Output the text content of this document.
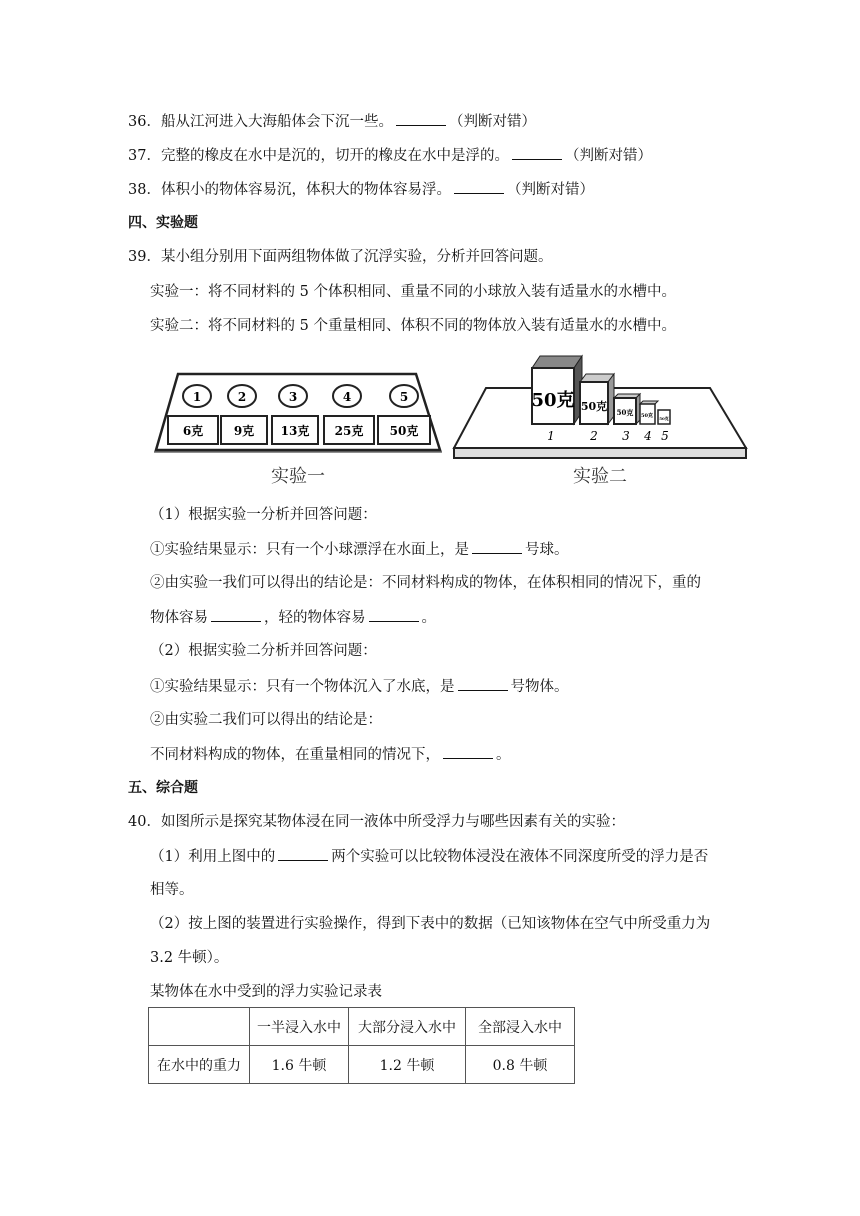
36．船从江河进入大海船体会下沉一些。	（判断对错）
37．完整的橡皮在水中是沉的，切开的橡皮在水中是浮的。	（判断对错）
38．体积小的物体容易沉，体积大的物体容易浮。	（判断对错）
四、实验题
39．某小组分别用下面两组物体做了沉浮实验，分析并回答问题。
实验一：将不同材料的 5 个体积相同、重量不同的小球放入装有适量水的水槽中。
实验二：将不同材料的 5 个重量相同、体积不同的物体放入装有适量水的水槽中。
1	2	3	4	5
6克	9克 13克 25克 50克
实验一
50克 50克 50克 50克 50克
1	2 3 4 5
实验二
（1）根据实验一分析并回答问题：
①实验结果显示：只有一个小球漂浮在水面上，是	号球。
②由实验一我们可以得出的结论是：不同材料构成的物体，在体积相同的情况下，重的
物体容易	，轻的物体容易	。
（2）根据实验二分析并回答问题：
①实验结果显示：只有一个物体沉入了水底，是	号物体。
②由实验二我们可以得出的结论是：
不同材料构成的物体，在重量相同的情况下，	。
五、综合题
40．如图所示是探究某物体浸在同一液体中所受浮力与哪些因素有关的实验：
（1）利用上图中的	两个实验可以比较物体浸没在液体不同深度所受的浮力是否
相等。
（2）按上图的装置进行实验操作，得到下表中的数据（已知该物体在空气中所受重力为
3.2 牛顿）。
某物体在水中受到的浮力实验记录表
	一半浸入水中	大部分浸入水中	全部浸入水中
在水中的重力	1.6 牛顿	1.2 牛顿	0.8 牛顿
